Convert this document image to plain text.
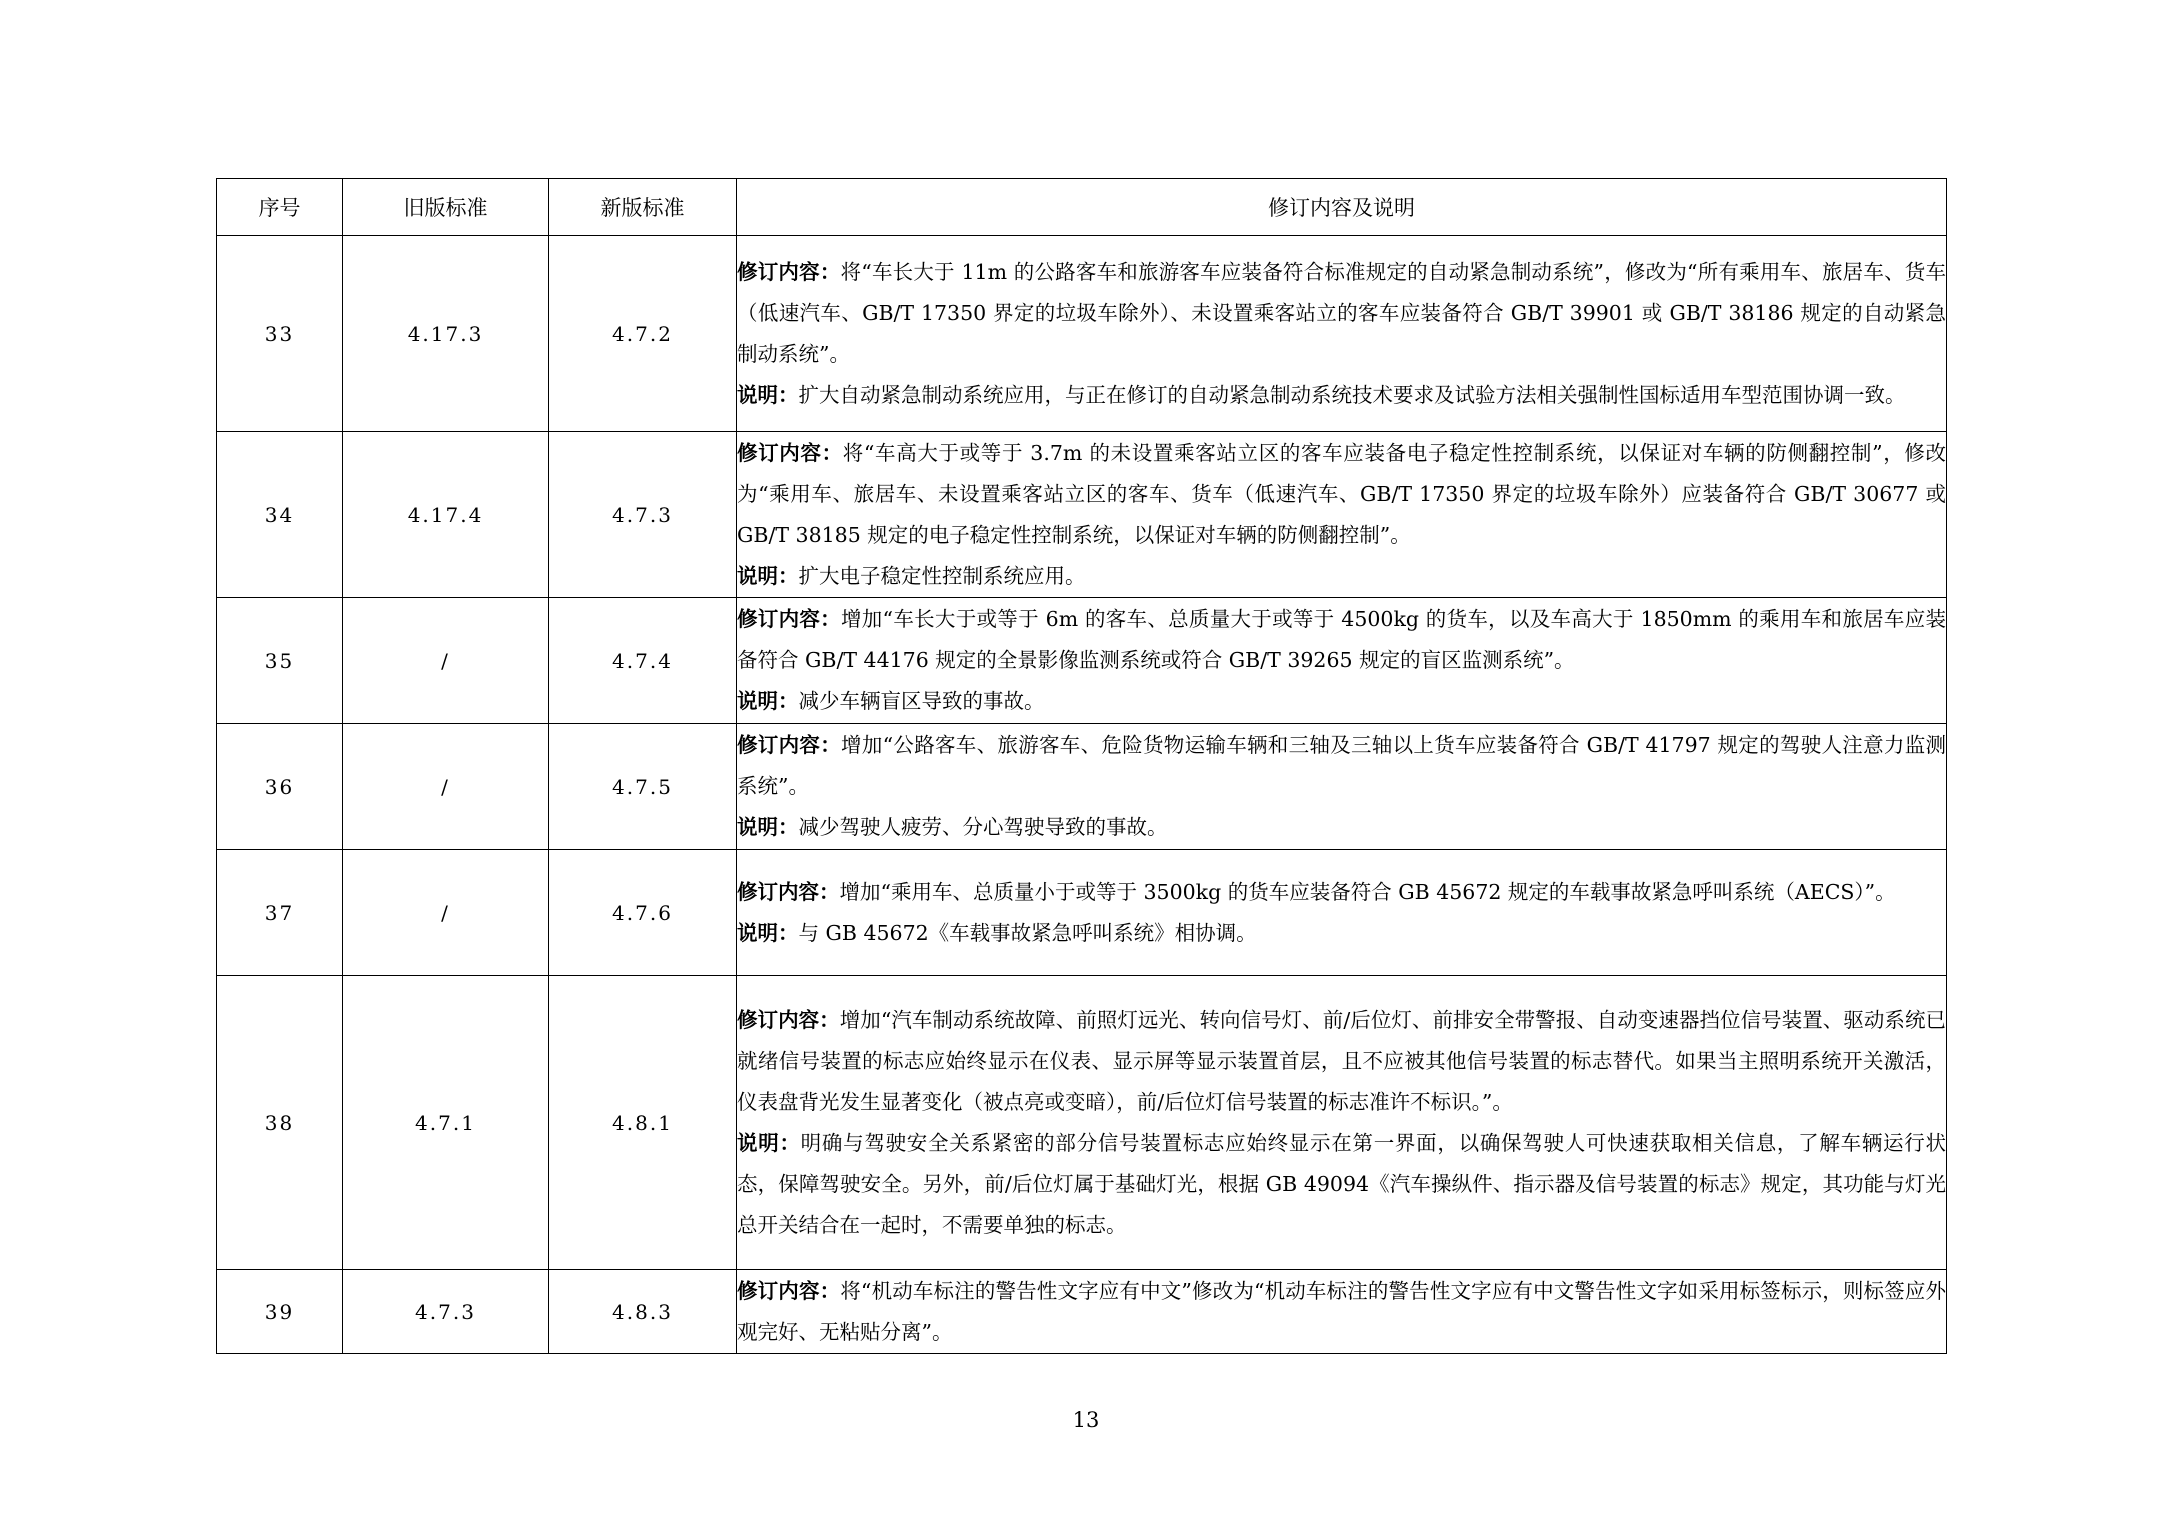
序号	旧版标准	新版标准	修订内容及说明
33	4.17.3	4.7.2	修订内容：将“车长大于 11m 的公路客车和旅游客车应装备符合标准规定的自动紧急制动系统”，修改为“所有乘用车、旅居车、货车（低速汽车、GB/T 17350 界定的垃圾车除外）、未设置乘客站立的客车应装备符合 GB/T 39901 或 GB/T 38186 规定的自动紧急制动系统”。
说明：扩大自动紧急制动系统应用，与正在修订的自动紧急制动系统技术要求及试验方法相关强制性国标适用车型范围协调一致。

34	4.17.4	4.7.3	修订内容：将“车高大于或等于 3.7m 的未设置乘客站立区的客车应装备电子稳定性控制系统，以保证对车辆的防侧翻控制”，修改为“乘用车、旅居车、未设置乘客站立区的客车、货车（低速汽车、GB/T 17350 界定的垃圾车除外）应装备符合 GB/T 30677 或 GB/T 38185 规定的电子稳定性控制系统，以保证对车辆的防侧翻控制”。
说明：扩大电子稳定性控制系统应用。

35	/	4.7.4	修订内容：增加“车长大于或等于 6m 的客车、总质量大于或等于 4500kg 的货车，以及车高大于 1850mm 的乘用车和旅居车应装备符合 GB/T 44176 规定的全景影像监测系统或符合 GB/T 39265 规定的盲区监测系统”。
说明：减少车辆盲区导致的事故。

36	/	4.7.5	修订内容：增加“公路客车、旅游客车、危险货物运输车辆和三轴及三轴以上货车应装备符合 GB/T 41797 规定的驾驶人注意力监测系统”。
说明：减少驾驶人疲劳、分心驾驶导致的事故。

37	/	4.7.6	修订内容：增加“乘用车、总质量小于或等于 3500kg 的货车应装备符合 GB 45672 规定的车载事故紧急呼叫系统（AECS）”。
说明：与 GB 45672《车载事故紧急呼叫系统》相协调。

38	4.7.1	4.8.1	修订内容：增加“汽车制动系统故障、前照灯远光、转向信号灯、前/后位灯、前排安全带警报、自动变速器挡位信号装置、驱动系统已就绪信号装置的标志应始终显示在仪表、显示屏等显示装置首层，且不应被其他信号装置的标志替代。如果当主照明系统开关激活，仪表盘背光发生显著变化（被点亮或变暗），前/后位灯信号装置的标志准许不标识。”。
说明：明确与驾驶安全关系紧密的部分信号装置标志应始终显示在第一界面，以确保驾驶人可快速获取相关信息，了解车辆运行状态，保障驾驶安全。另外，前/后位灯属于基础灯光，根据 GB 49094《汽车操纵件、指示器及信号装置的标志》规定，其功能与灯光总开关结合在一起时，不需要单独的标志。

39	4.7.3	4.8.3	修订内容：将“机动车标注的警告性文字应有中文”修改为“机动车标注的警告性文字应有中文警告性文字如采用标签标示，则标签应外观完好、无粘贴分离”。
13
